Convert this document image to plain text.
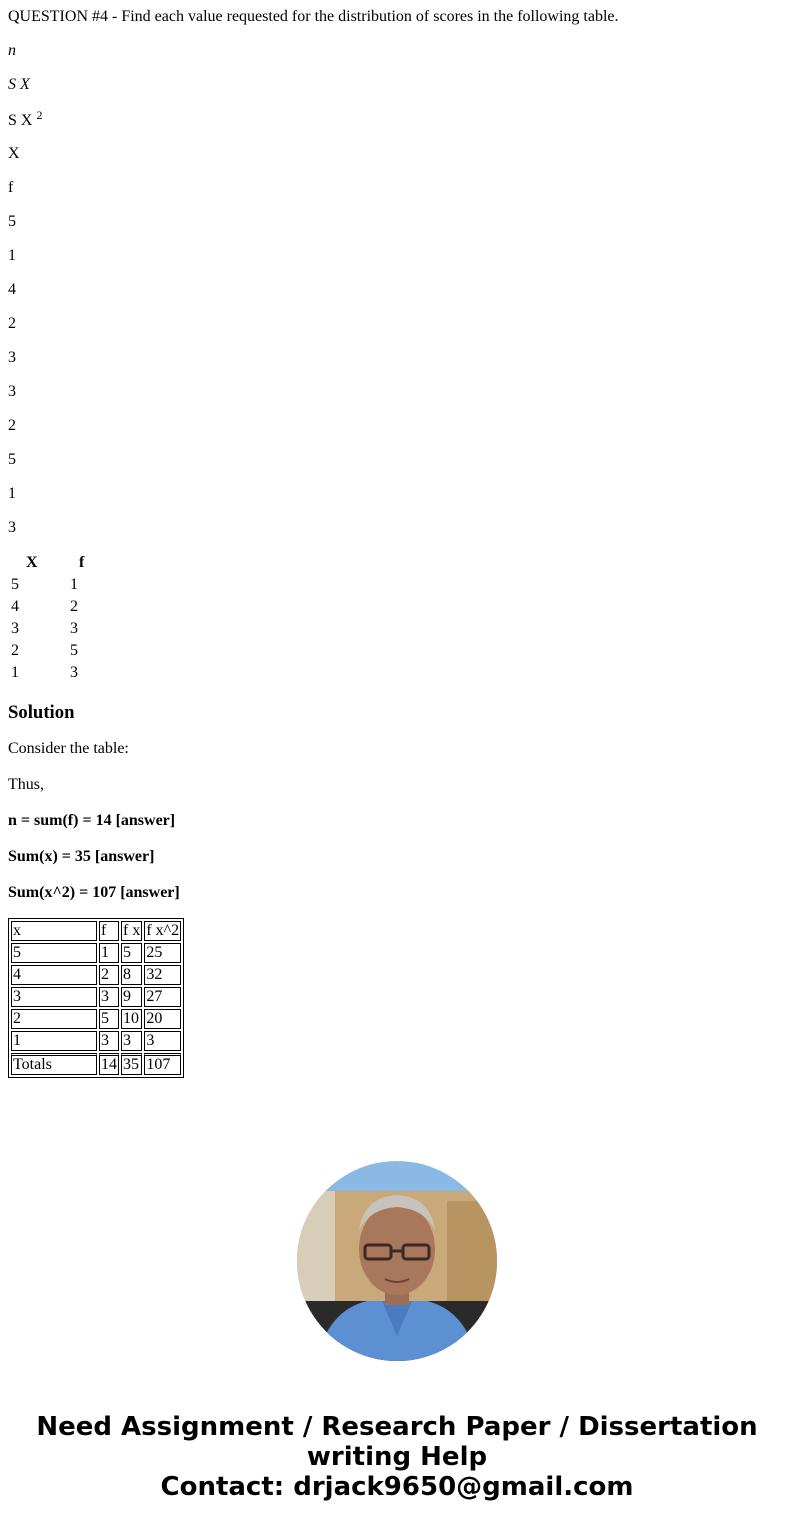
QUESTION #4 - Find each value requested for the distribution of scores in the following table.

n

S X

S X $^2$

X

f

5

1

4

2

3

3

2

5

1

3

X	f
5	1
4	2
3	3
2	5
1	3
Solution

Consider the table:

Thus,

n = sum(f) = 14 [answer]

Sum(x) = 35 [answer]

Sum(x^2) = 107 [answer]

x	f	f x	f x^2
5	1	5	25
4	2	8	32
3	3	9	27
2	5	10	20
1	3	3	3
Totals	14	35	107
Need Assignment / Research Paper / Dissertation
writing Help
Contact: drjack9650@gmail.com
